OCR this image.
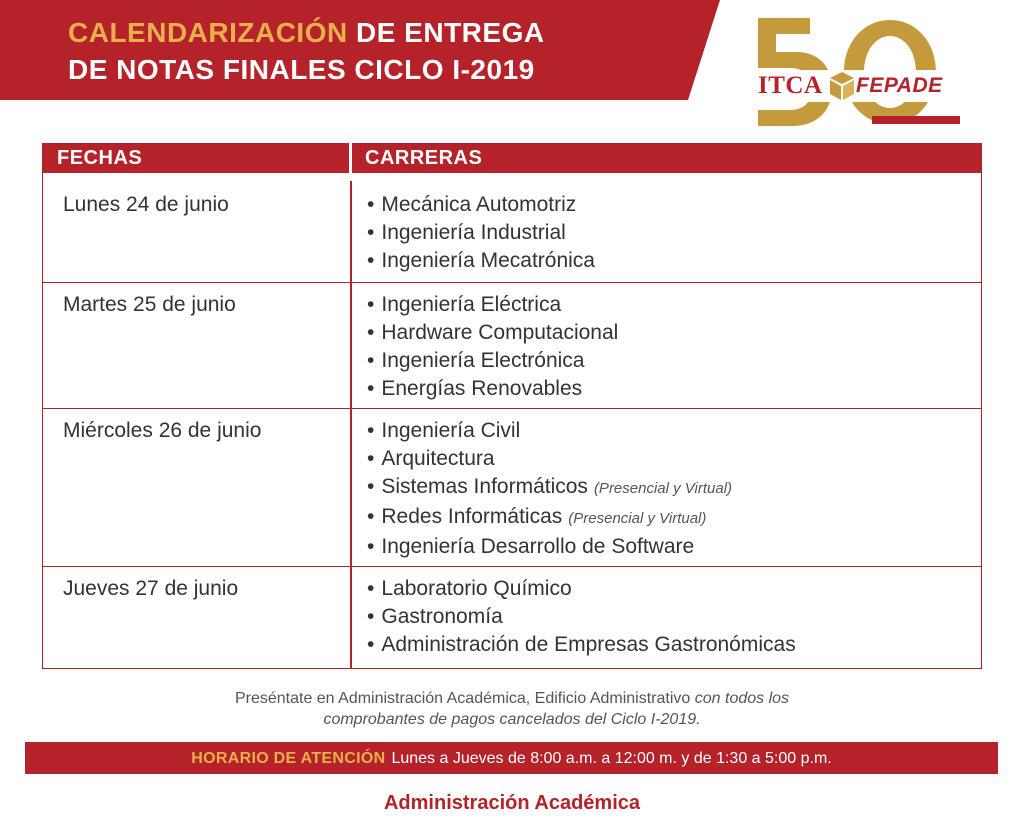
CALENDARIZACIÓN DE ENTREGA
DE NOTAS FINALES CICLO I-2019
ITCA FEPADE
FECHAS	CARRERAS
Lunes 24 de junio	• Mecánica Automotriz
• Ingeniería Industrial
• Ingeniería Mecatrónica
Martes 25 de junio	• Ingeniería Eléctrica
• Hardware Computacional
• Ingeniería Electrónica
• Energías Renovables
Miércoles 26 de junio	• Ingeniería Civil
• Arquitectura
• Sistemas Informáticos (Presencial y Virtual)
• Redes Informáticas (Presencial y Virtual)
• Ingeniería Desarrollo de Software
Jueves 27 de junio	• Laboratorio Químico
• Gastronomía
• Administración de Empresas Gastronómicas
Preséntate en Administración Académica, Edificio Administrativo con todos los
comprobantes de pagos cancelados del Ciclo I-2019.
HORARIO DE ATENCIÓN Lunes a Jueves de 8:00 a.m. a 12:00 m. y de 1:30 a 5:00 p.m.
Administración Académica
